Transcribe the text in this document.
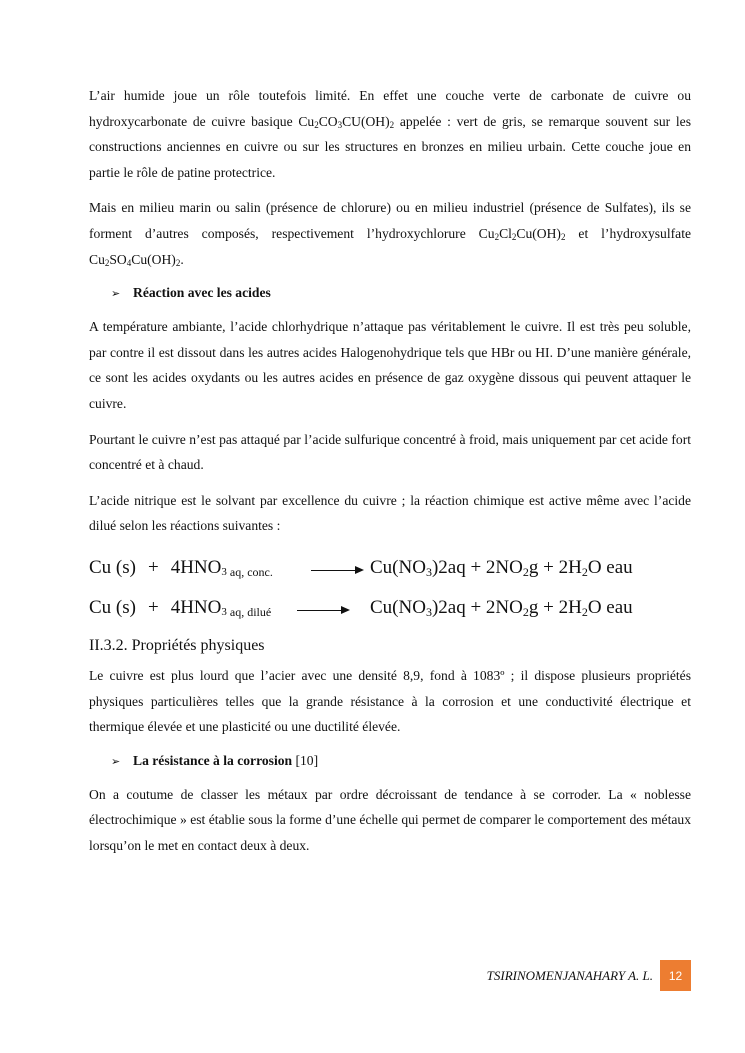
L’air humide joue un rôle toutefois limité. En effet une couche verte de carbonate de cuivre ou hydroxycarbonate de cuivre basique $Cu_2CO_3CU(OH)_2$ appelée : vert de gris, se remarque souvent sur les constructions anciennes en cuivre ou sur les structures en bronzes en milieu urbain. Cette couche joue en partie le rôle de patine protectrice.

Mais en milieu marin ou salin (présence de chlorure) ou en milieu industriel (présence de Sulfates), ils se forment d’autres composés, respectivement l’hydroxychlorure $Cu_2Cl_2Cu(OH)_2$ et l’hydroxysulfate $Cu_2SO_4Cu(OH)_2$.

➢ Réaction avec les acides

A température ambiante, l’acide chlorhydrique n’attaque pas véritablement le cuivre. Il est très peu soluble, par contre il est dissout dans les autres acides Halogenohydrique tels que HBr ou HI. D’une manière générale, ce sont les acides oxydants ou les autres acides en présence de gaz oxygène dissous qui peuvent attaquer le cuivre.

Pourtant le cuivre n’est pas attaqué par l’acide sulfurique concentré à froid, mais uniquement par cet acide fort concentré et à chaud.

L’acide nitrique est le solvant par excellence du cuivre ; la réaction chimique est active même avec l’acide dilué selon les réactions suivantes :

Cu $(s) + 4HNO_3$ aq, conc.	$Cu(NO_3)2aq + 2NO_2g + 2H_2O$ eau
Cu $(s) + 4HNO_3$ aq, dilué	$Cu(NO_3)2aq + 2NO_2g + 2H_2O$ eau
II.3.2. Propriétés physiques

Le cuivre est plus lourd que l’acier avec une densité 8,9, fond à 1083º ; il dispose plusieurs propriétés physiques particulières telles que la grande résistance à la corrosion et une conductivité électrique et thermique élevée et une plasticité ou une ductilité élevée.

➢ La résistance à la corrosion [10]

On a coutume de classer les métaux par ordre décroissant de tendance à se corroder. La « noblesse électrochimique » est établie sous la forme d’une échelle qui permet de comparer le comportement des métaux lorsqu’on le met en contact deux à deux.

TSIRINOMENJANAHARY A. L.	12
